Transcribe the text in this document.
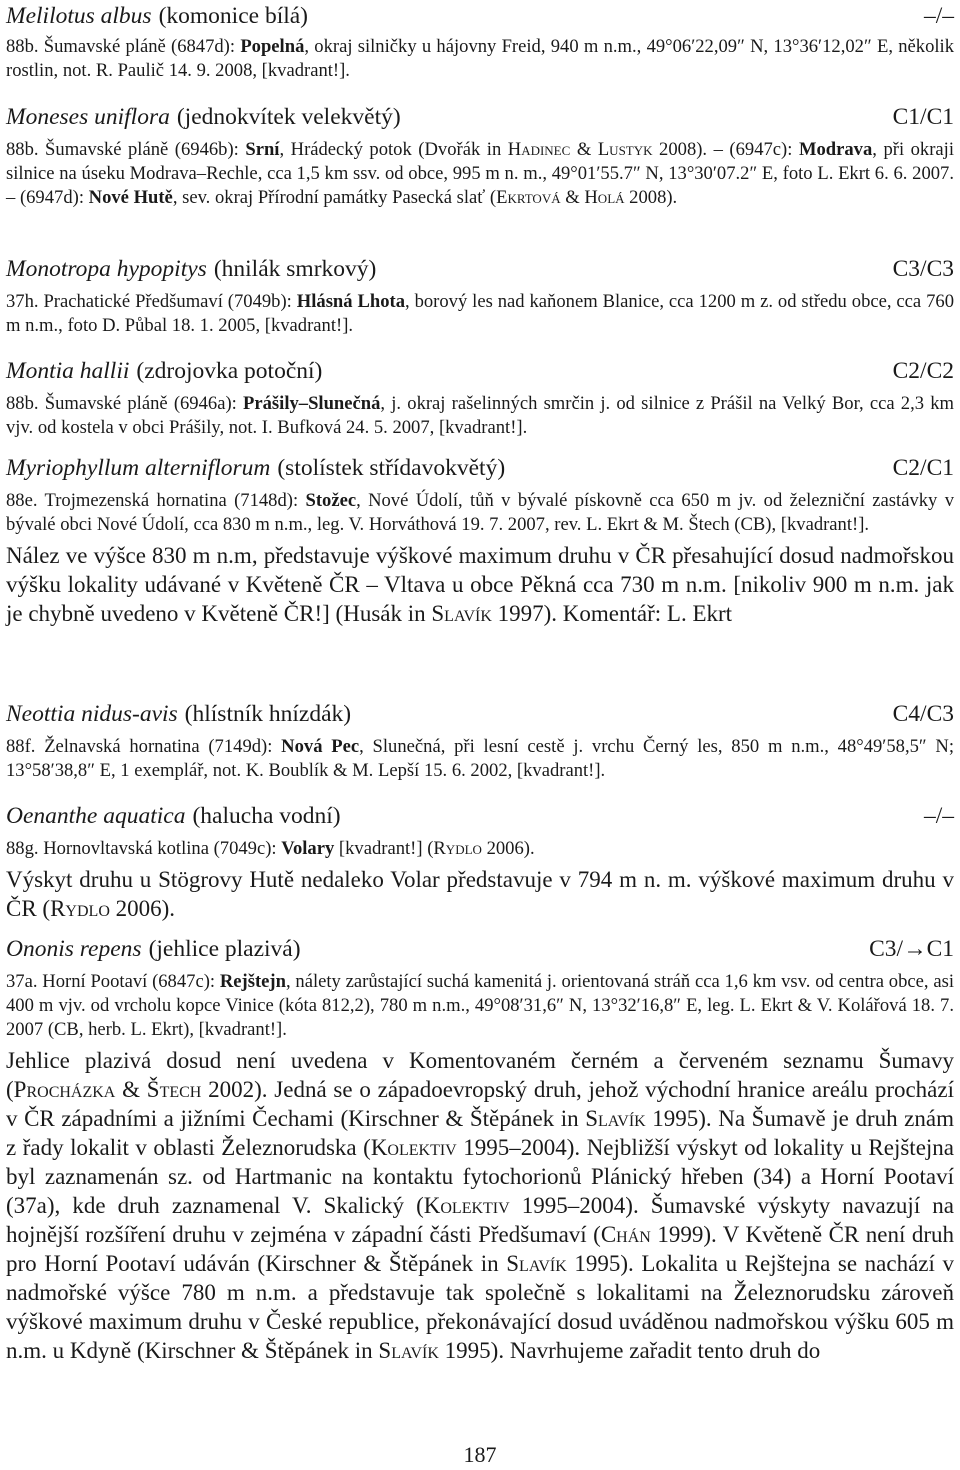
Melilotus albus (komonice bílá)	–/–
88b. Šumavské pláně (6847d): Popelná, okraj silničky u hájovny Freid, 940 m n.m., 49°06′22,09″ N, 13°36′12,02″ E, několik rostlin, not. R. Paulič 14. 9. 2008, [kvadrant!].
Moneses uniflora (jednokvítek velekvětý)	C1/C1
88b. Šumavské pláně (6946b): Srní, Hrádecký potok (Dvořák in Hadinec & Lustyk 2008). – (6947c): Modrava, při okraji silnice na úseku Modrava–Rechle, cca 1,5 km ssv. od obce, 995 m n. m., 49°01′55.7″ N, 13°30′07.2″ E, foto L. Ekrt 6. 6. 2007. – (6947d): Nové Hutě, sev. okraj Přírodní památky Pasecká slať (Ekrtová & Holá 2008).
Monotropa hypopitys (hnilák smrkový)	C3/C3
37h. Prachatické Předšumaví (7049b): Hlásná Lhota, borový les nad kaňonem Blanice, cca 1200 m z. od středu obce, cca 760 m n.m., foto D. Půbal 18. 1. 2005, [kvadrant!].
Montia hallii (zdrojovka potoční)	C2/C2
88b. Šumavské pláně (6946a): Prášily–Slunečná, j. okraj rašelinných smrčin j. od silnice z Prášil na Velký Bor, cca 2,3 km vjv. od kostela v obci Prášily, not. I. Bufková 24. 5. 2007, [kvadrant!].
Myriophyllum alterniflorum (stolístek střídavokvětý)	C2/C1
88e. Trojmezenská hornatina (7148d): Stožec, Nové Údolí, tůň v bývalé pískovně cca 650 m jv. od železniční zastávky v bývalé obci Nové Údolí, cca 830 m n.m., leg. V. Horváthová 19. 7. 2007, rev. L. Ekrt & M. Štech (CB), [kvadrant!].
Nález ve výšce 830 m n.m, představuje výškové maximum druhu v ČR přesahující dosud nadmořskou výšku lokality udávané v Květeně ČR – Vltava u obce Pěkná cca 730 m n.m. [nikoliv 900 m n.m. jak je chybně uvedeno v Květeně ČR!] (Husák in Slavík 1997). Komentář: L. Ekrt
Neottia nidus-avis (hlístník hnízdák)	C4/C3
88f. Želnavská hornatina (7149d): Nová Pec, Slunečná, při lesní cestě j. vrchu Černý les, 850 m n.m., 48°49′58,5″ N; 13°58′38,8″ E, 1 exemplář, not. K. Boublík & M. Lepší 15. 6. 2002, [kvadrant!].
Oenanthe aquatica (halucha vodní)	–/–
88g. Hornovltavská kotlina (7049c): Volary [kvadrant!] (Rydlo 2006).
Výskyt druhu u Stögrovy Hutě nedaleko Volar představuje v 794 m n. m. výškové maximum druhu v ČR (Rydlo 2006).
Ononis repens (jehlice plazivá)	C3/→C1
37a. Horní Pootaví (6847c): Rejštejn, nálety zarůstající suchá kamenitá j. orientovaná stráň cca 1,6 km vsv. od centra obce, asi 400 m vjv. od vrcholu kopce Vinice (kóta 812,2), 780 m n.m., 49°08′31,6″ N, 13°32′16,8″ E, leg. L. Ekrt & V. Kolářová 18. 7. 2007 (CB, herb. L. Ekrt), [kvadrant!].
Jehlice plazivá dosud není uvedena v Komentovaném černém a červeném seznamu Šumavy (Procházka & Štech 2002). Jedná se o západoevropský druh, jehož východní hranice areálu prochází v ČR západními a jižními Čechami (Kirschner & Štěpánek in Slavík 1995). Na Šumavě je druh znám z řady lokalit v oblasti Železnorudska (Kolektiv 1995–2004). Nejbližší výskyt od lokality u Rejštejna byl zaznamenán sz. od Hartmanic na kontaktu fytochorionů Plánický hřeben (34) a Horní Pootaví (37a), kde druh zaznamenal V. Skalický (Kolektiv 1995–2004). Šumavské výskyty navazují na hojnější rozšíření druhu v zejména v západní části Předšumaví (Chán 1999). V Květeně ČR není druh pro Horní Pootaví udáván (Kirschner & Štěpánek in Slavík 1995). Lokalita u Rejštejna se nachází v nadmořské výšce 780 m n.m. a představuje tak společně s lokalitami na Železnorudsku zároveň výškové maximum druhu v České republice, překonávající dosud uváděnou nadmořskou výšku 605 m n.m. u Kdyně (Kirschner & Štěpánek in Slavík 1995). Navrhujeme zařadit tento druh do
187
